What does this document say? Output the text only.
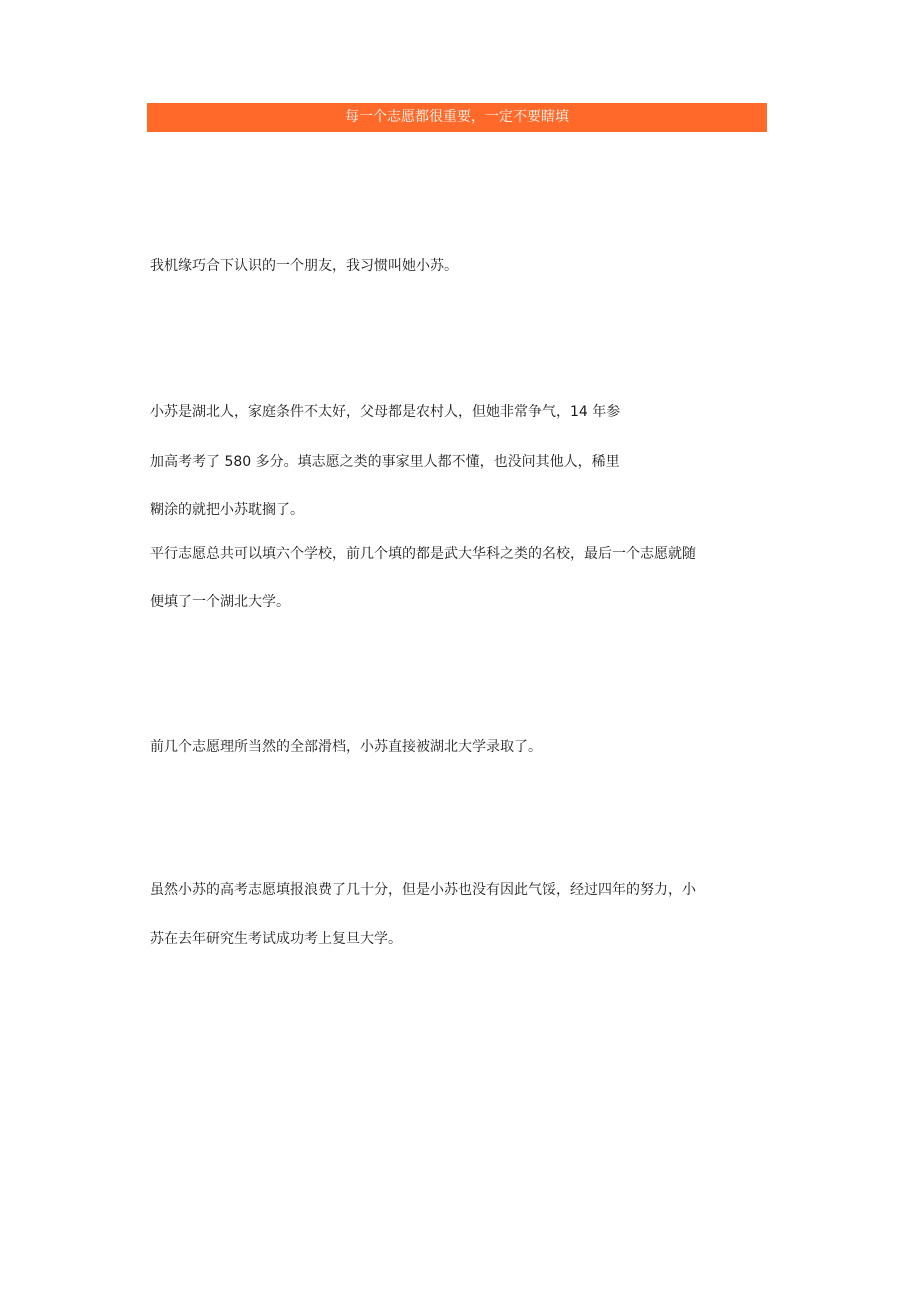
每一个志愿都很重要，一定不要瞎填
我机缘巧合下认识的一个朋友，我习惯叫她小苏。
小苏是湖北人，家庭条件不太好，父母都是农村人，但她非常争气，14 年参
加高考考了 580 多分。填志愿之类的事家里人都不懂，也没问其他人，稀里
糊涂的就把小苏耽搁了。
平行志愿总共可以填六个学校，前几个填的都是武大华科之类的名校，最后一个志愿就随
便填了一个湖北大学。
前几个志愿理所当然的全部滑档，小苏直接被湖北大学录取了。
虽然小苏的高考志愿填报浪费了几十分，但是小苏也没有因此气馁，经过四年的努力，小
苏在去年研究生考试成功考上复旦大学。
